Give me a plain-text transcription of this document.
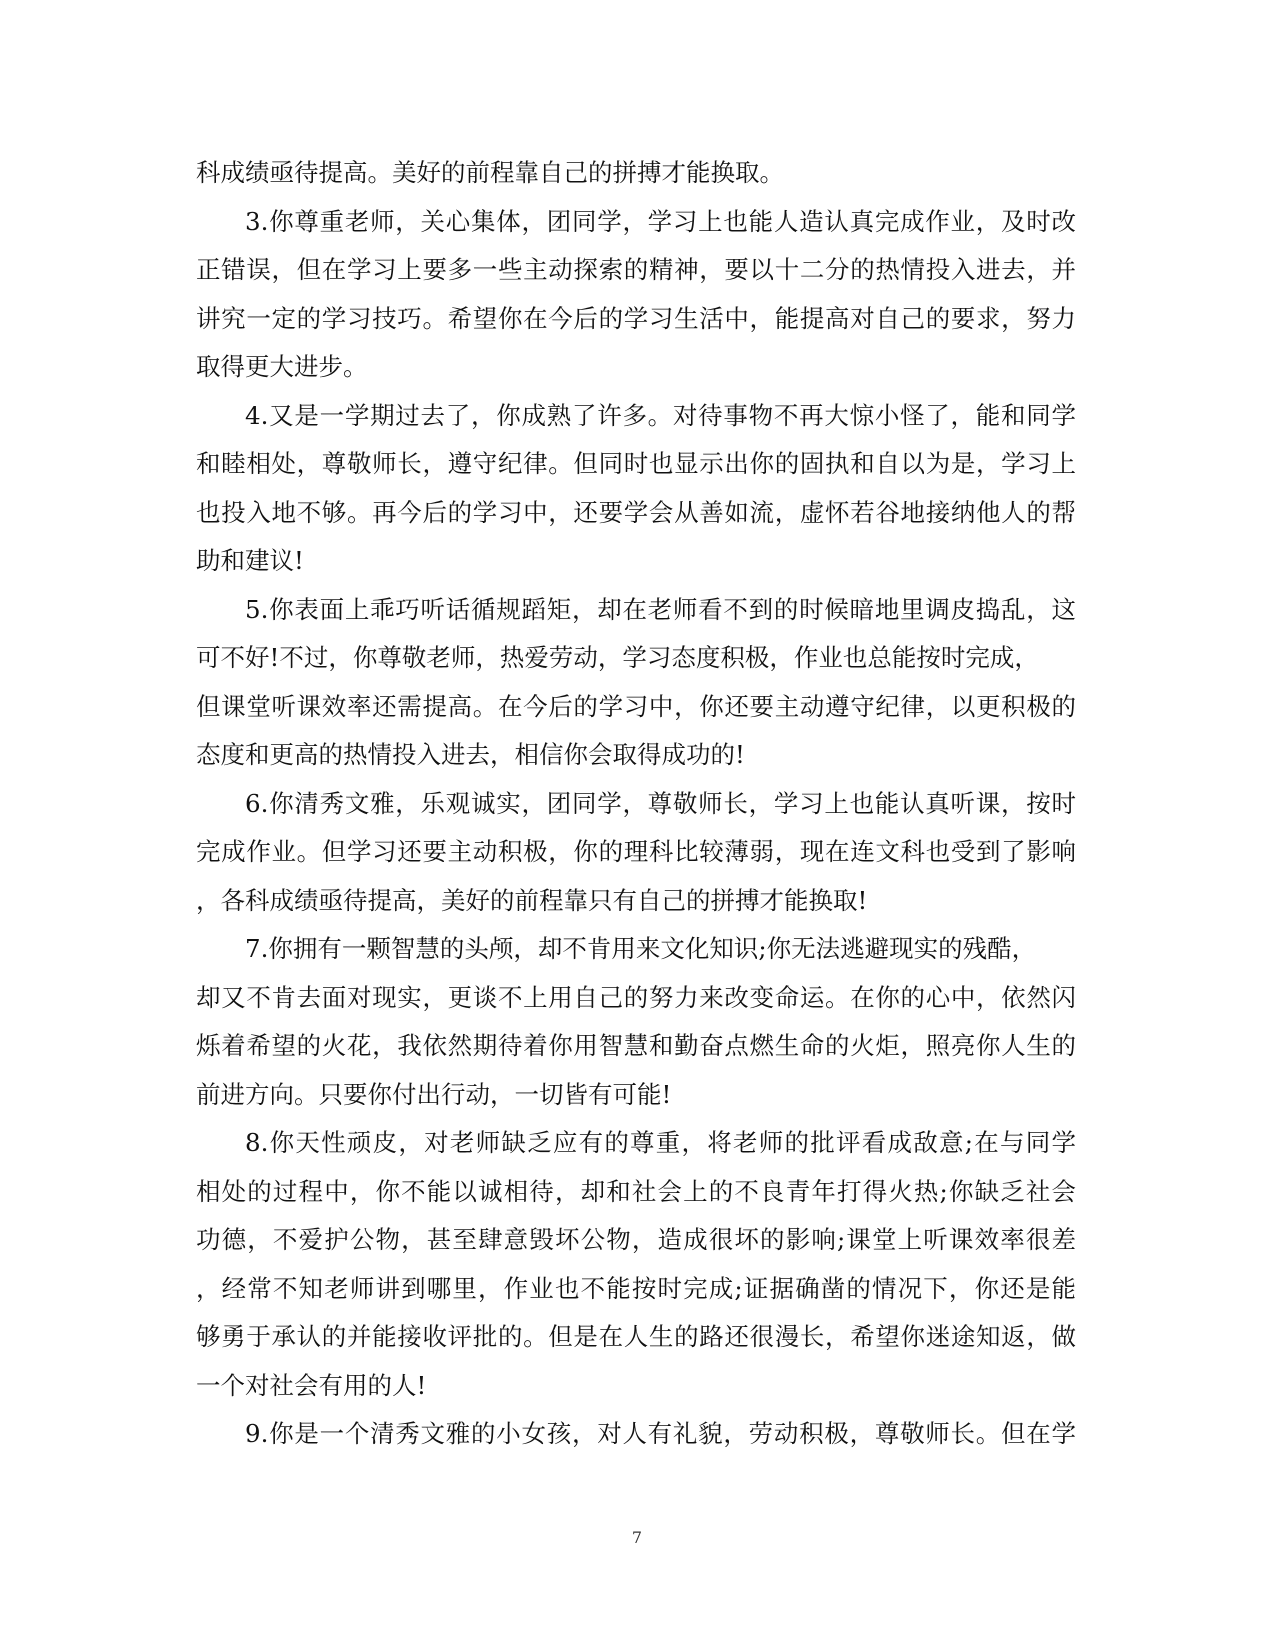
科成绩亟待提高。美好的前程靠自己的拼搏才能换取。
3.你尊重老师，关心集体，团同学，学习上也能人造认真完成作业，及时改
正错误，但在学习上要多一些主动探索的精神，要以十二分的热情投入进去，并
讲究一定的学习技巧。希望你在今后的学习生活中，能提高对自己的要求，努力
取得更大进步。
4.又是一学期过去了，你成熟了许多。对待事物不再大惊小怪了，能和同学
和睦相处，尊敬师长，遵守纪律。但同时也显示出你的固执和自以为是，学习上
也投入地不够。再今后的学习中，还要学会从善如流，虚怀若谷地接纳他人的帮
助和建议!
5.你表面上乖巧听话循规蹈矩，却在老师看不到的时候暗地里调皮捣乱，这
可不好!不过，你尊敬老师，热爱劳动，学习态度积极，作业也总能按时完成，
但课堂听课效率还需提高。在今后的学习中，你还要主动遵守纪律，以更积极的
态度和更高的热情投入进去，相信你会取得成功的!
6.你清秀文雅，乐观诚实，团同学，尊敬师长，学习上也能认真听课，按时
完成作业。但学习还要主动积极，你的理科比较薄弱，现在连文科也受到了影响
，各科成绩亟待提高，美好的前程靠只有自己的拼搏才能换取!
7.你拥有一颗智慧的头颅，却不肯用来文化知识;你无法逃避现实的残酷，
却又不肯去面对现实，更谈不上用自己的努力来改变命运。在你的心中，依然闪
烁着希望的火花，我依然期待着你用智慧和勤奋点燃生命的火炬，照亮你人生的
前进方向。只要你付出行动，一切皆有可能!
8.你天性顽皮，对老师缺乏应有的尊重，将老师的批评看成敌意;在与同学
相处的过程中，你不能以诚相待，却和社会上的不良青年打得火热;你缺乏社会
功德，不爱护公物，甚至肆意毁坏公物，造成很坏的影响;课堂上听课效率很差
，经常不知老师讲到哪里，作业也不能按时完成;证据确凿的情况下，你还是能
够勇于承认的并能接收评批的。但是在人生的路还很漫长，希望你迷途知返，做
一个对社会有用的人!
9.你是一个清秀文雅的小女孩，对人有礼貌，劳动积极，尊敬师长。但在学
7
